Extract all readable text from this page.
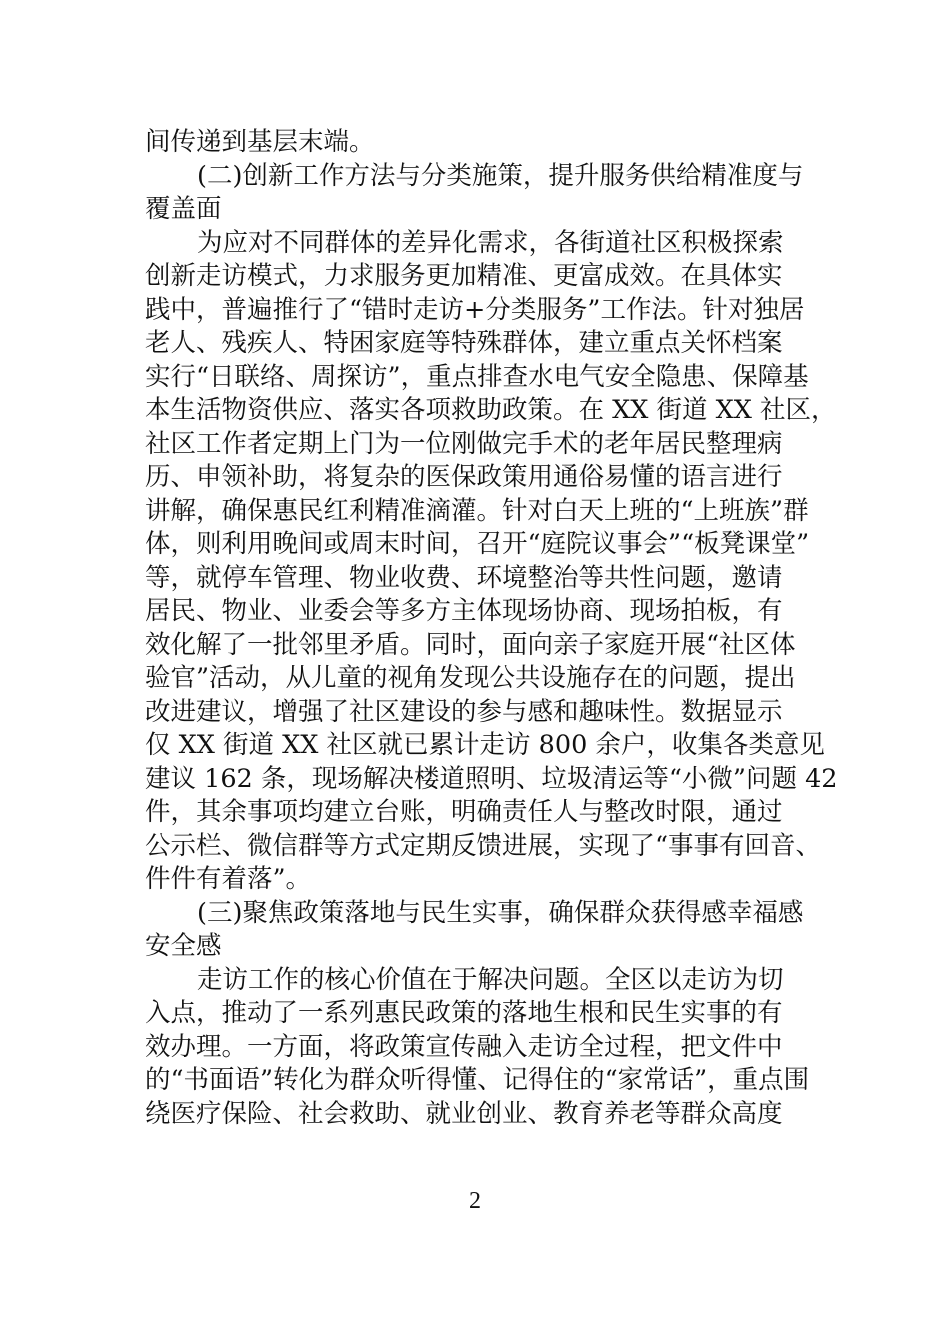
间传递到基层末端。
(二)创新工作方法与分类施策，提升服务供给精准度与
覆盖面
为应对不同群体的差异化需求，各街道社区积极探索
创新走访模式，力求服务更加精准、更富成效。在具体实
践中，普遍推行了“错时走访+分类服务”工作法。针对独居
老人、残疾人、特困家庭等特殊群体，建立重点关怀档案
实行“日联络、周探访”，重点排查水电气安全隐患、保障基
本生活物资供应、落实各项救助政策。在 XX 街道 XX 社区，
社区工作者定期上门为一位刚做完手术的老年居民整理病
历、申领补助，将复杂的医保政策用通俗易懂的语言进行
讲解，确保惠民红利精准滴灌。针对白天上班的“上班族”群
体，则利用晚间或周末时间，召开“庭院议事会”“板凳课堂”
等，就停车管理、物业收费、环境整治等共性问题，邀请
居民、物业、业委会等多方主体现场协商、现场拍板，有
效化解了一批邻里矛盾。同时，面向亲子家庭开展“社区体
验官”活动，从儿童的视角发现公共设施存在的问题，提出
改进建议，增强了社区建设的参与感和趣味性。数据显示
仅 XX 街道 XX 社区就已累计走访 800 余户，收集各类意见
建议 162 条，现场解决楼道照明、垃圾清运等“小微”问题 42
件，其余事项均建立台账，明确责任人与整改时限，通过
公示栏、微信群等方式定期反馈进展，实现了“事事有回音、
件件有着落”。
(三)聚焦政策落地与民生实事，确保群众获得感幸福感
安全感
走访工作的核心价值在于解决问题。全区以走访为切
入点，推动了一系列惠民政策的落地生根和民生实事的有
效办理。一方面，将政策宣传融入走访全过程，把文件中
的“书面语”转化为群众听得懂、记得住的“家常话”，重点围
绕医疗保险、社会救助、就业创业、教育养老等群众高度
2
